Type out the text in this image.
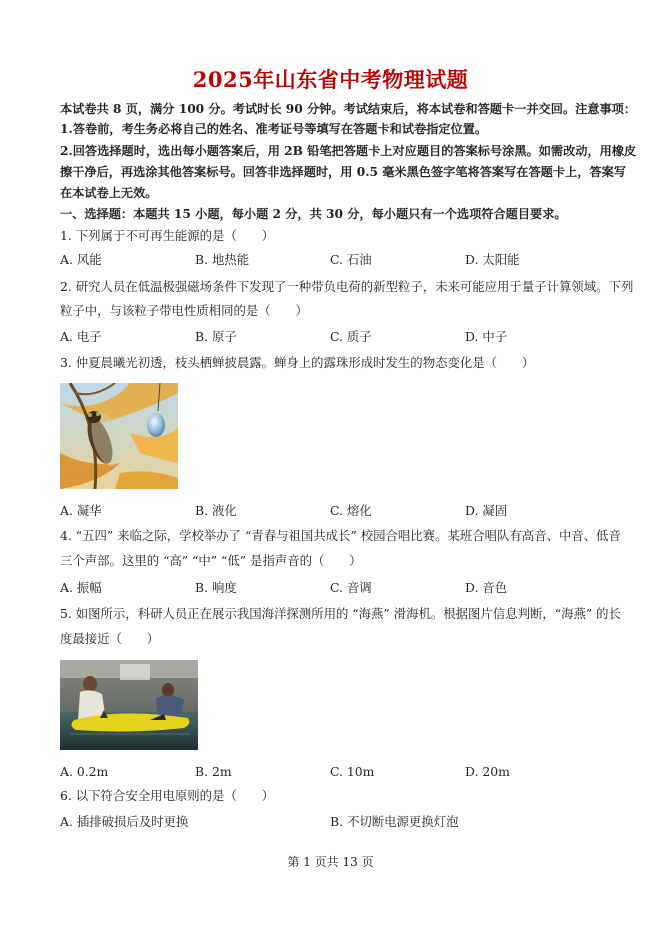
2025年山东省中考物理试题
本试卷共 8 页，满分 100 分。考试时长 90 分钟。考试结束后，将本试卷和答题卡一并交回。注意事项：
1.答卷前，考生务必将自己的姓名、准考证号等填写在答题卡和试卷指定位置。
2.回答选择题时，选出每小题答案后，用 2B 铅笔把答题卡上对应题目的答案标号涂黑。如需改动，用橡皮
擦干净后，再选涂其他答案标号。回答非选择题时，用 0.5 毫米黑色签字笔将答案写在答题卡上，答案写
在本试卷上无效。
一、选择题：本题共 15 小题，每小题 2 分，共 30 分，每小题只有一个选项符合题目要求。
1. 下列属于不可再生能源的是（　　）
A. 风能	B. 地热能	C. 石油	D. 太阳能
2. 研究人员在低温极强磁场条件下发现了一种带负电荷的新型粒子，未来可能应用于量子计算领域。下列
粒子中，与该粒子带电性质相同的是（　　）
A. 电子	B. 原子	C. 质子	D. 中子
3. 仲夏晨曦光初透，枝头栖蝉披晨露。蝉身上的露珠形成时发生的物态变化是（　　）
A. 凝华	B. 液化	C. 熔化	D. 凝固
4. “五四” 来临之际，学校举办了 “青春与祖国共成长” 校园合唱比赛。某班合唱队有高音、中音、低音
三个声部。这里的 “高” “中” “低” 是指声音的（　　）
A. 振幅	B. 响度	C. 音调	D. 音色
5. 如图所示，科研人员正在展示我国海洋探测所用的 “海燕” 滑海机。根据图片信息判断，“海燕” 的长
度最接近（　　）
A. 0.2m	B. 2m	C. 10m	D. 20m
6. 以下符合安全用电原则的是（　　）
A. 插排破损后及时更换	B. 不切断电源更换灯泡
第 1 页共 13 页
